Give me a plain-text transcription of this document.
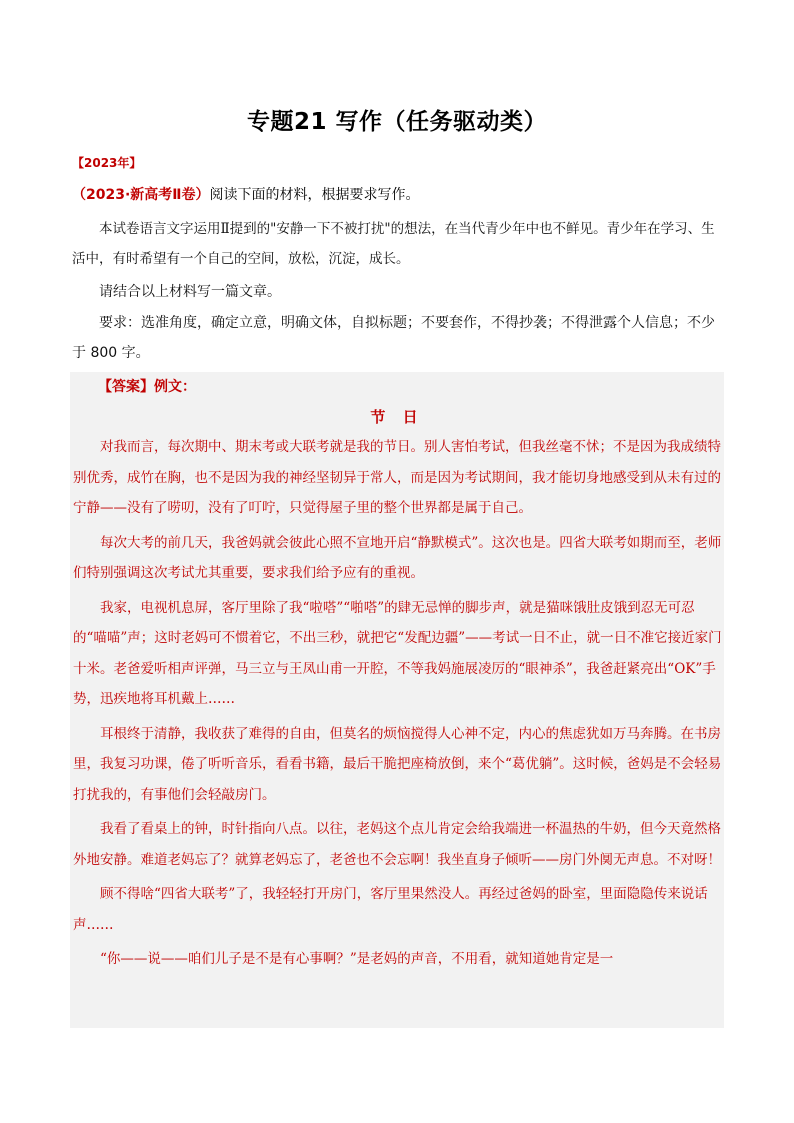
专题21 写作（任务驱动类）
【2023年】
（2023·新高考Ⅱ卷）阅读下面的材料，根据要求写作。

本试卷语言文字运用Ⅱ提到的"安静一下不被打扰"的想法，在当代青少年中也不鲜见。青少年在学习、生活中，有时希望有一个自己的空间，放松，沉淀，成长。

请结合以上材料写一篇文章。

要求：选准角度，确定立意，明确文体，自拟标题；不要套作，不得抄袭；不得泄露个人信息；不少于 800 字。

【答案】例文：
节 日

对我而言，每次期中、期末考或大联考就是我的节日。别人害怕考试，但我丝毫不怵；不是因为我成绩特别优秀，成竹在胸，也不是因为我的神经坚韧异于常人，而是因为考试期间，我才能切身地感受到从未有过的宁静——没有了唠叨，没有了叮咛，只觉得屋子里的整个世界都是属于自己。

每次大考的前几天，我爸妈就会彼此心照不宣地开启“静默模式”。这次也是。四省大联考如期而至，老师们特别强调这次考试尤其重要，要求我们给予应有的重视。

我家，电视机息屏，客厅里除了我“啦嗒”“啪嗒”的肆无忌惮的脚步声，就是猫咪饿肚皮饿到忍无可忍的“喵喵”声；这时老妈可不惯着它，不出三秒，就把它“发配边疆”——考试一日不止，就一日不准它接近家门十米。老爸爱听相声评弹，马三立与王凤山甫一开腔，不等我妈施展凌厉的“眼神杀”，我爸赶紧亮出“OK”手势，迅疾地将耳机戴上……

耳根终于清静，我收获了难得的自由，但莫名的烦恼搅得人心神不定，内心的焦虑犹如万马奔腾。在书房里，我复习功课，倦了听听音乐，看看书籍，最后干脆把座椅放倒，来个“葛优躺”。这时候，爸妈是不会轻易打扰我的，有事他们会轻敲房门。

我看了看桌上的钟，时针指向八点。以往，老妈这个点儿肯定会给我端进一杯温热的牛奶，但今天竟然格外地安静。难道老妈忘了？就算老妈忘了，老爸也不会忘啊！我坐直身子倾听——房门外阒无声息。不对呀！

顾不得啥“四省大联考”了，我轻轻打开房门，客厅里果然没人。再经过爸妈的卧室，里面隐隐传来说话声……

“你——说——咱们儿子是不是有心事啊？”是老妈的声音，不用看，就知道她肯定是一
